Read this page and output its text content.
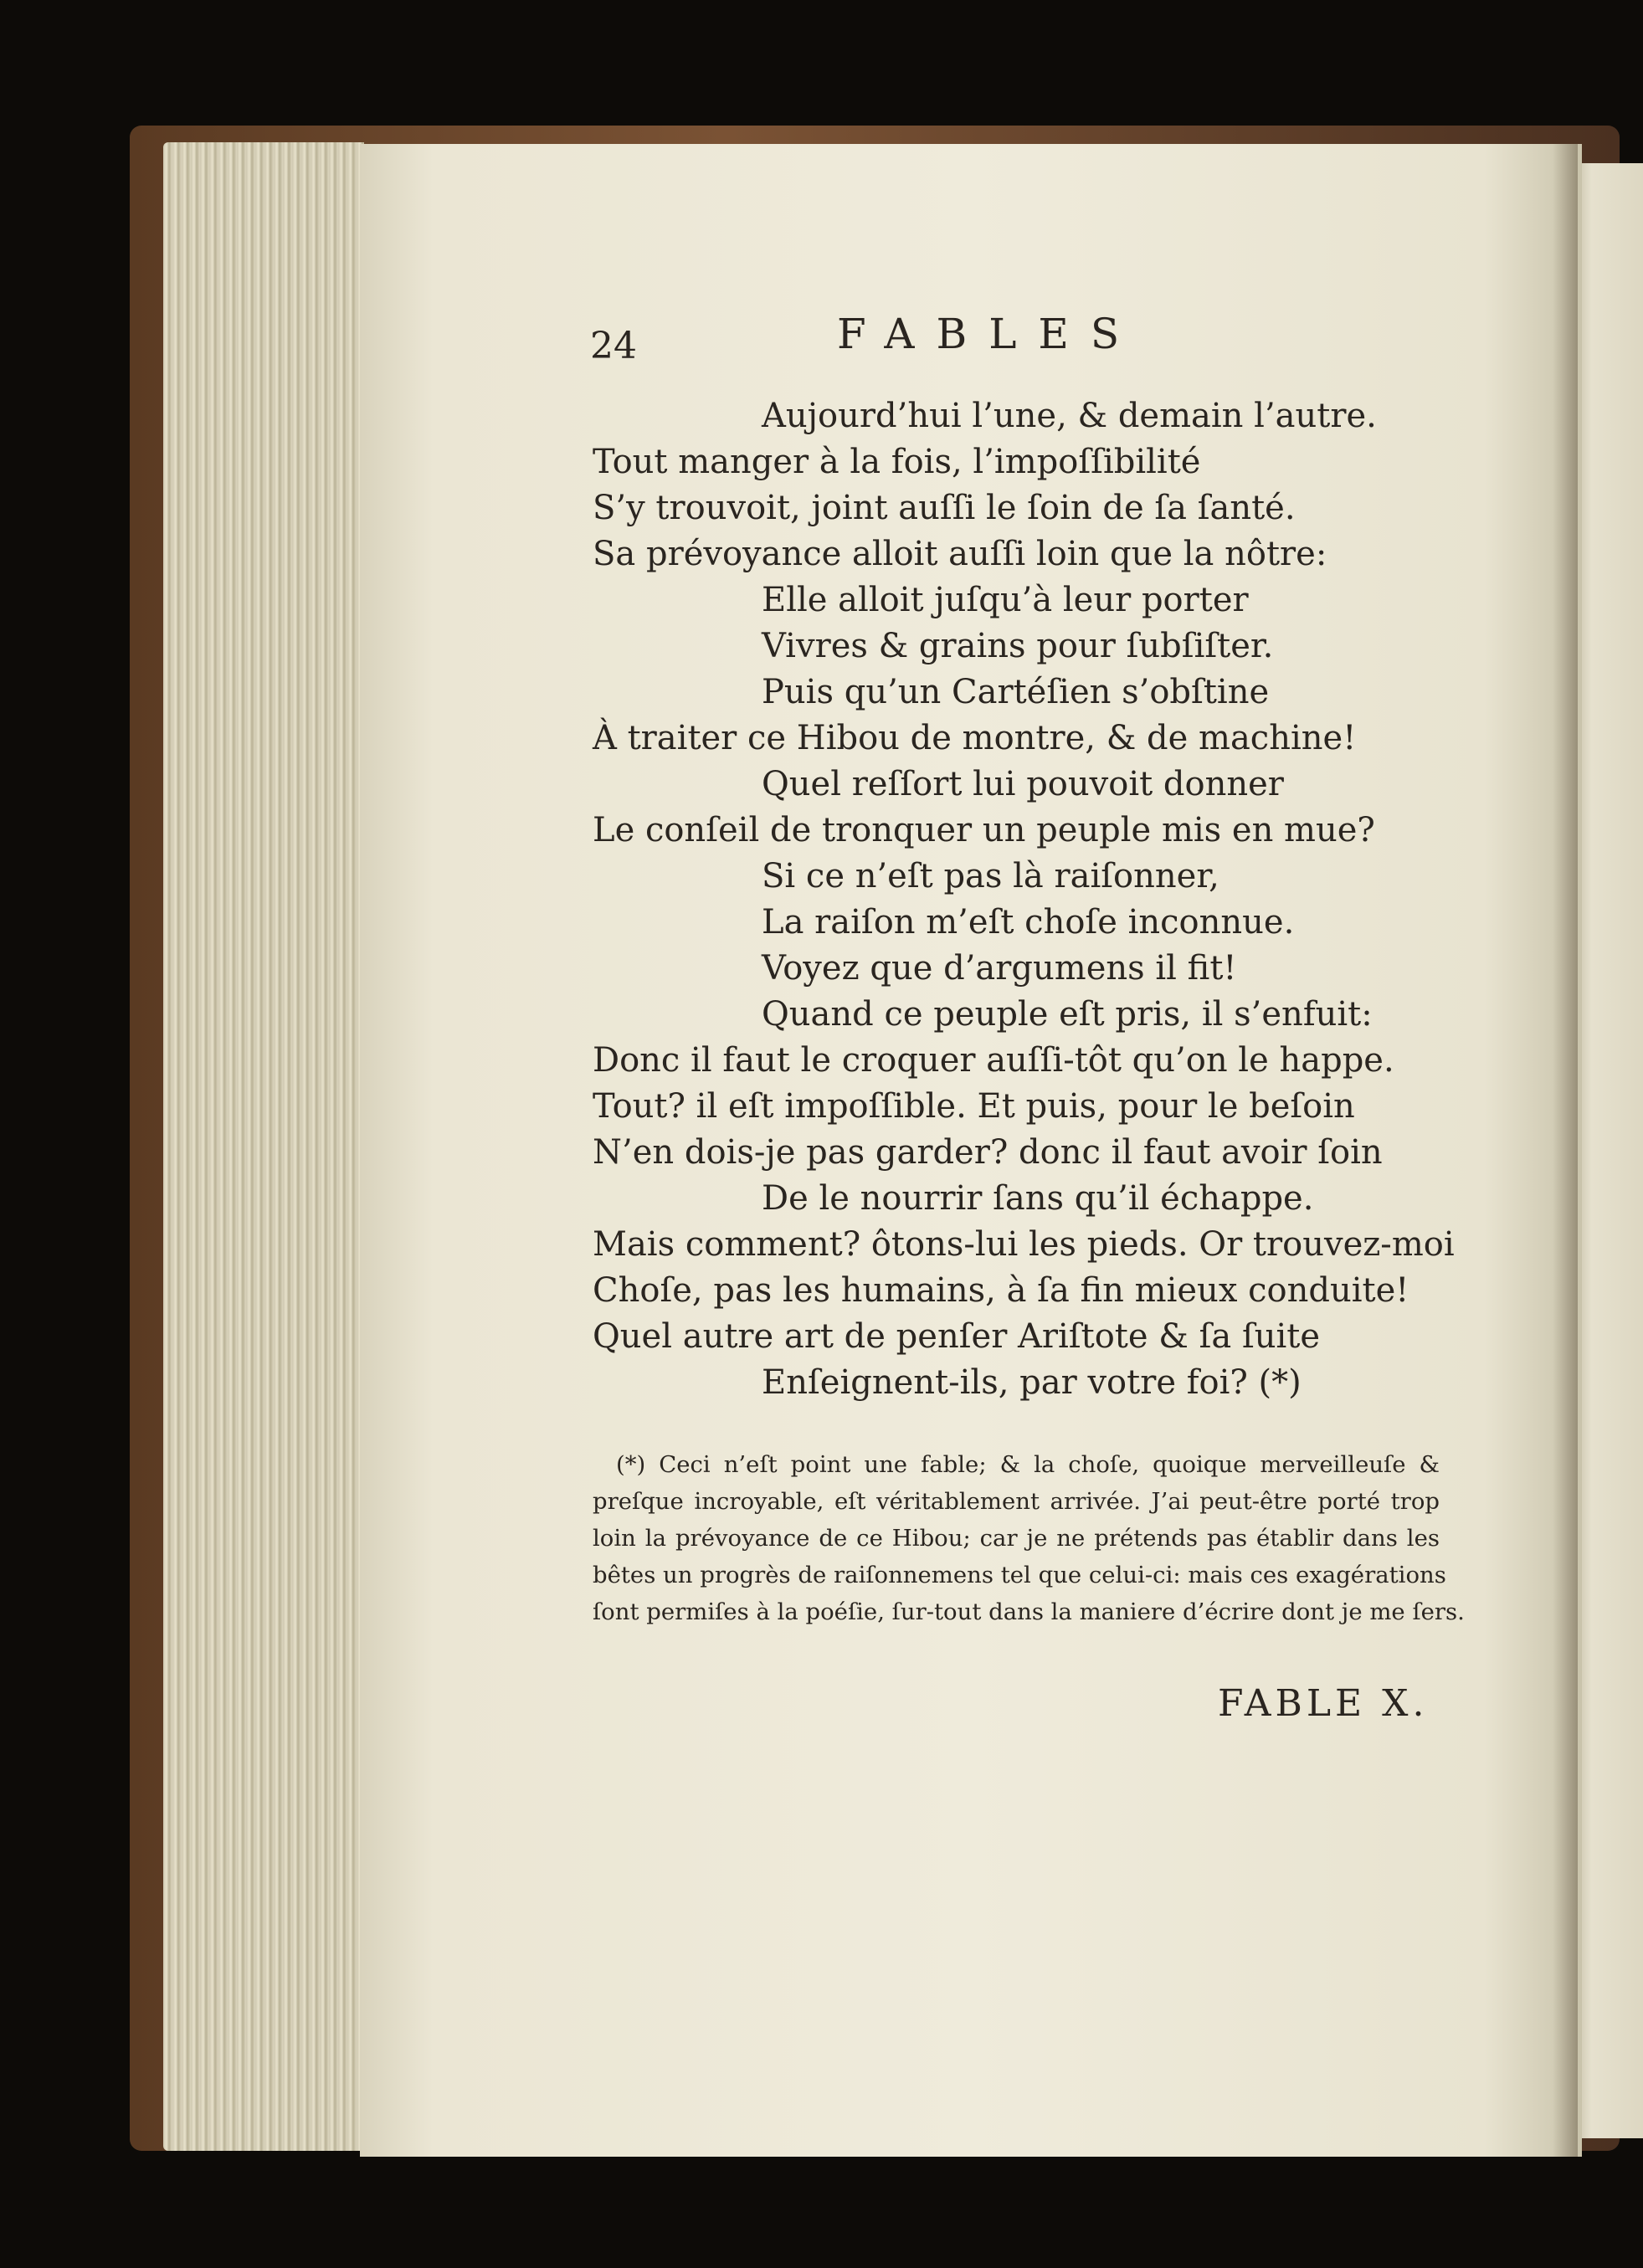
24	FABLES
Aujourd’hui l’une, & demain l’autre.
Tout manger à la fois, l’impoſſibilité
S’y trouvoit, joint auſſi le ſoin de ſa ſanté.
Sa prévoyance alloit auſſi loin que la nôtre:
Elle alloit juſqu’à leur porter
Vivres & grains pour ſubſiſter.
Puis qu’un Cartéſien s’obſtine
À traiter ce Hibou de montre, & de machine!
Quel reſſort lui pouvoit donner
Le conſeil de tronquer un peuple mis en mue?
Si ce n’eſt pas là raiſonner,
La raiſon m’eſt choſe inconnue.
Voyez que d’argumens il fit!
Quand ce peuple eſt pris, il s’enfuit:
Donc il faut le croquer auſſi-tôt qu’on le happe.
Tout? il eſt impoſſible. Et puis, pour le beſoin
N’en dois-je pas garder? donc il faut avoir ſoin
De le nourrir ſans qu’il échappe.
Mais comment? ôtons-lui les pieds. Or trouvez-moi
Choſe, pas les humains, à ſa fin mieux conduite!
Quel autre art de penſer Ariſtote & ſa ſuite
Enſeignent-ils, par votre foi? (*)
(*) Ceci n’eſt point une fable; & la choſe, quoique merveilleuſe &
preſque incroyable, eſt véritablement arrivée. J’ai peut-être porté trop
loin la prévoyance de ce Hibou; car je ne prétends pas établir dans les
bêtes un progrès de raiſonnemens tel que celui-ci: mais ces exagérations
ſont permiſes à la poéſie, ſur-tout dans la maniere d’écrire dont je me ſers.
FABLE X.
